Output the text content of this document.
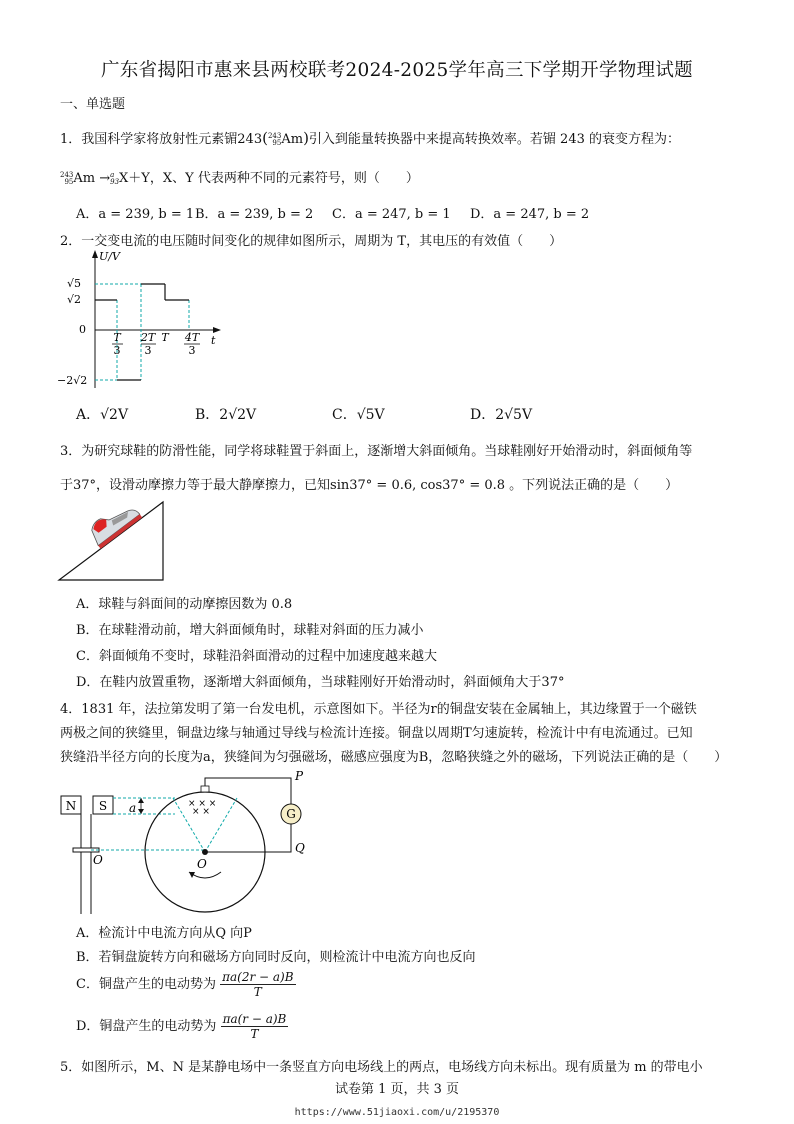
广东省揭阳市惠来县两校联考2024-2025学年高三下学期开学物理试题
一、单选题
1．我国科学家将放射性元素镅243(243
95Am)引入到能量转换器中来提高转换效率。若镅 243 的衰变方程为：
243
95Am →a
93X＋Y，X、Y 代表两种不同的元素符号，则（　　）
A．a = 239, b = 1 B．a = 239, b = 2 C．a = 247, b = 1 D．a = 247, b = 2
2．一交变电流的电压随时间变化的规律如图所示，周期为 T，其电压的有效值（　　）
U/V
t
√5
√2
0
−2√2
T
3
2T
3
T 4T
3
A．√2V	B．2√2V	C．√5V	D．2√5V
3．为研究球鞋的防滑性能，同学将球鞋置于斜面上，逐渐增大斜面倾角。当球鞋刚好开始滑动时，斜面倾角等
于37°，设滑动摩擦力等于最大静摩擦力，已知sin37° = 0.6, cos37° = 0.8 。下列说法正确的是（　　）
A．球鞋与斜面间的动摩擦因数为 0.8
B．在球鞋滑动前，增大斜面倾角时，球鞋对斜面的压力减小
C．斜面倾角不变时，球鞋沿斜面滑动的过程中加速度越来越大
D．在鞋内放置重物，逐渐增大斜面倾角，当球鞋刚好开始滑动时，斜面倾角大于37°
4．1831 年，法拉第发明了第一台发电机，示意图如下。半径为r的铜盘安装在金属轴上，其边缘置于一个磁铁
两极之间的狭缝里，铜盘边缘与轴通过导线与检流计连接。铜盘以周期T匀速旋转，检流计中有电流通过。已知
狭缝沿半径方向的长度为a，狭缝间为匀强磁场，磁感应强度为B，忽略狭缝之外的磁场，下列说法正确的是（　　）
N S
O
a	× × ×
× ×
O
G
P
Q
A．检流计中电流方向从Q 向P
B．若铜盘旋转方向和磁场方向同时反向，则检流计中电流方向也反向
C．铜盘产生的电动势为 $\frac{\pi a(2r - a)B}{T}$
D．铜盘产生的电动势为 $\frac{\pi a(r - a)B}{T}$
5．如图所示，M、N 是某静电场中一条竖直方向电场线上的两点，电场线方向未标出。现有质量为 m 的带电小
试卷第 1 页，共 3 页
https://www.51jiaoxi.com/u/2195370
